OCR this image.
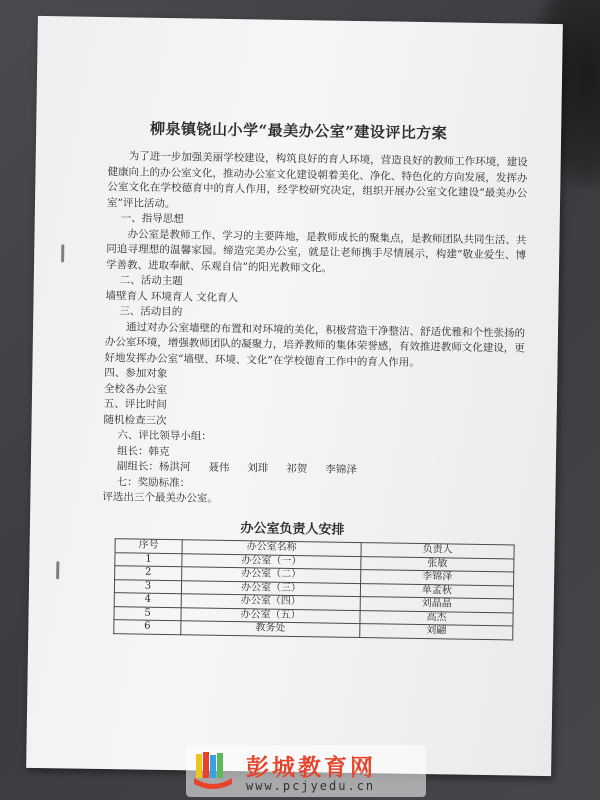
柳泉镇铙山小学“最美办公室”建设评比方案

为了进一步加强美丽学校建设，构筑良好的育人环境，营造良好的教师工作环境，建设健康向上的办公室文化，推动办公室文化建设朝着美化、净化、特色化的方向发展，发挥办公室文化在学校德育中的育人作用，经学校研究决定，组织开展办公室文化建设“最美办公室”评比活动。

一、指导思想

办公室是教师工作、学习的主要阵地，是教师成长的聚集点，是教师团队共同生活、共同追寻理想的温馨家园。缔造完美办公室，就是让老师携手尽情展示，构建“敬业爱生、博学善教、进取奉献、乐观自信”的阳光教师文化。

二、活动主题
墙壁育人 环境育人 文化育人
三、活动目的

通过对办公室墙壁的布置和对环境的美化，积极营造干净整洁、舒适优雅和个性张扬的办公室环境，增强教师团队的凝聚力，培养教师的集体荣誉感，有效推进教师文化建设，更好地发挥办公室“墙壁、环境、文化”在学校德育工作中的育人作用。

四、参加对象
全校各办公室
五、评比时间
随机检查三次
六、评比领导小组：
组长：韩克
副组长：杨洪河 聂伟 刘琲 祁贺 李锦泽
七：奖励标准：
评选出三个最美办公室。
办公室负责人安排
序号	办公室名称	负责人
1	办公室（一）	张敏
2	办公室（二）	李锦泽
3	办公室（三）	单孟秋
4	办公室（四）	刘晶晶
5	办公室（五）	高杰
6	教务处	刘翩
彭城教育网
www.pcjyedu.cn
